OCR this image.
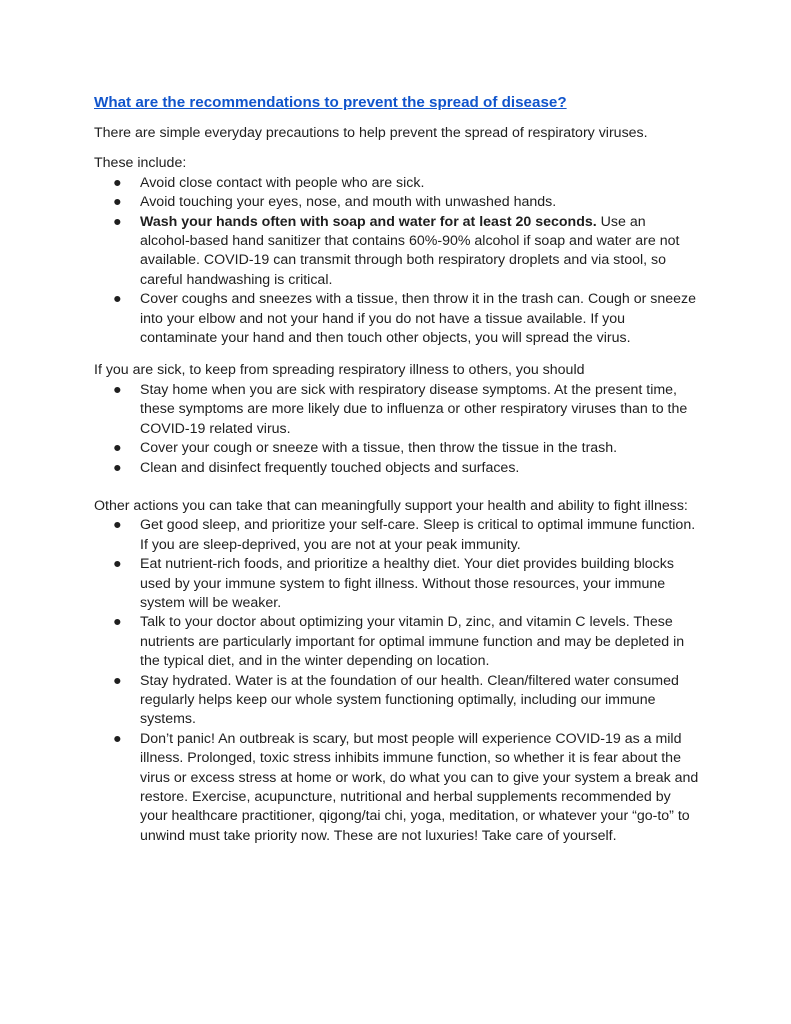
What are the recommendations to prevent the spread of disease?

There are simple everyday precautions to help prevent the spread of respiratory viruses.

These include:

● Avoid close contact with people who are sick.
● Avoid touching your eyes, nose, and mouth with unwashed hands.
● Wash your hands often with soap and water for at least 20 seconds. Use an alcohol-based hand sanitizer that contains 60%-90% alcohol if soap and water are not available. COVID-19 can transmit through both respiratory droplets and via stool, so careful handwashing is critical.
● Cover coughs and sneezes with a tissue, then throw it in the trash can. Cough or sneeze into your elbow and not your hand if you do not have a tissue available. If you contaminate your hand and then touch other objects, you will spread the virus.

If you are sick, to keep from spreading respiratory illness to others, you should

● Stay home when you are sick with respiratory disease symptoms. At the present time, these symptoms are more likely due to influenza or other respiratory viruses than to the COVID-19 related virus.
● Cover your cough or sneeze with a tissue, then throw the tissue in the trash.
● Clean and disinfect frequently touched objects and surfaces.

Other actions you can take that can meaningfully support your health and ability to fight illness:

● Get good sleep, and prioritize your self-care. Sleep is critical to optimal immune function. If you are sleep-deprived, you are not at your peak immunity.
● Eat nutrient-rich foods, and prioritize a healthy diet. Your diet provides building blocks used by your immune system to fight illness. Without those resources, your immune system will be weaker.
● Talk to your doctor about optimizing your vitamin D, zinc, and vitamin C levels. These nutrients are particularly important for optimal immune function and may be depleted in the typical diet, and in the winter depending on location.
● Stay hydrated. Water is at the foundation of our health. Clean/filtered water consumed regularly helps keep our whole system functioning optimally, including our immune systems.
● Don’t panic! An outbreak is scary, but most people will experience COVID-19 as a mild illness. Prolonged, toxic stress inhibits immune function, so whether it is fear about the virus or excess stress at home or work, do what you can to give your system a break and restore. Exercise, acupuncture, nutritional and herbal supplements recommended by your healthcare practitioner, qigong/tai chi, yoga, meditation, or whatever your “go-to” to unwind must take priority now. These are not luxuries! Take care of yourself.
